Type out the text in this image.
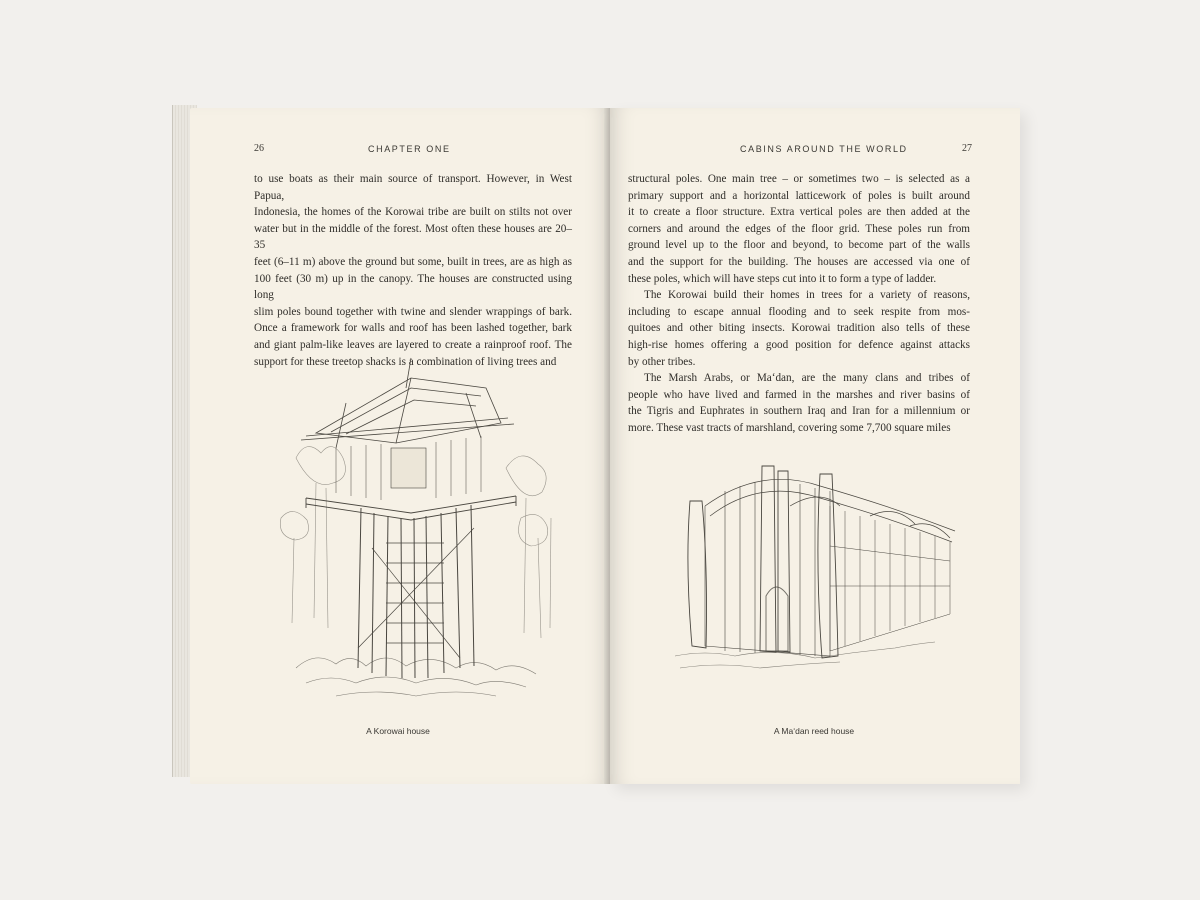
26	CHAPTER ONE

to use boats as their main source of transport. However, in West Papua,

Indonesia, the homes of the Korowai tribe are built on stilts not over

water but in the middle of the forest. Most often these houses are 20–35

feet (6–11 m) above the ground but some, built in trees, are as high as

100 feet (30 m) up in the canopy. The houses are constructed using long

slim poles bound together with twine and slender wrappings of bark.

Once a framework for walls and roof has been lashed together, bark

and giant palm-like leaves are layered to create a rainproof roof. The

support for these treetop shacks is a combination of living trees and

A Korowai house
CABINS AROUND THE WORLD	27

structural poles. One main tree – or sometimes two – is selected as a

primary support and a horizontal latticework of poles is built around

it to create a floor structure. Extra vertical poles are then added at the

corners and around the edges of the floor grid. These poles run from

ground level up to the floor and beyond, to become part of the walls

and the support for the building. The houses are accessed via one of

these poles, which will have steps cut into it to form a type of ladder.

The Korowai build their homes in trees for a variety of reasons,

including to escape annual flooding and to seek respite from mos-

quitoes and other biting insects. Korowai tradition also tells of these

high-rise homes offering a good position for defence against attacks

by other tribes.

The Marsh Arabs, or Ma‘dan, are the many clans and tribes of

people who have lived and farmed in the marshes and river basins of

the Tigris and Euphrates in southern Iraq and Iran for a millennium or

more. These vast tracts of marshland, covering some 7,700 square miles

A Ma‘dan reed house
